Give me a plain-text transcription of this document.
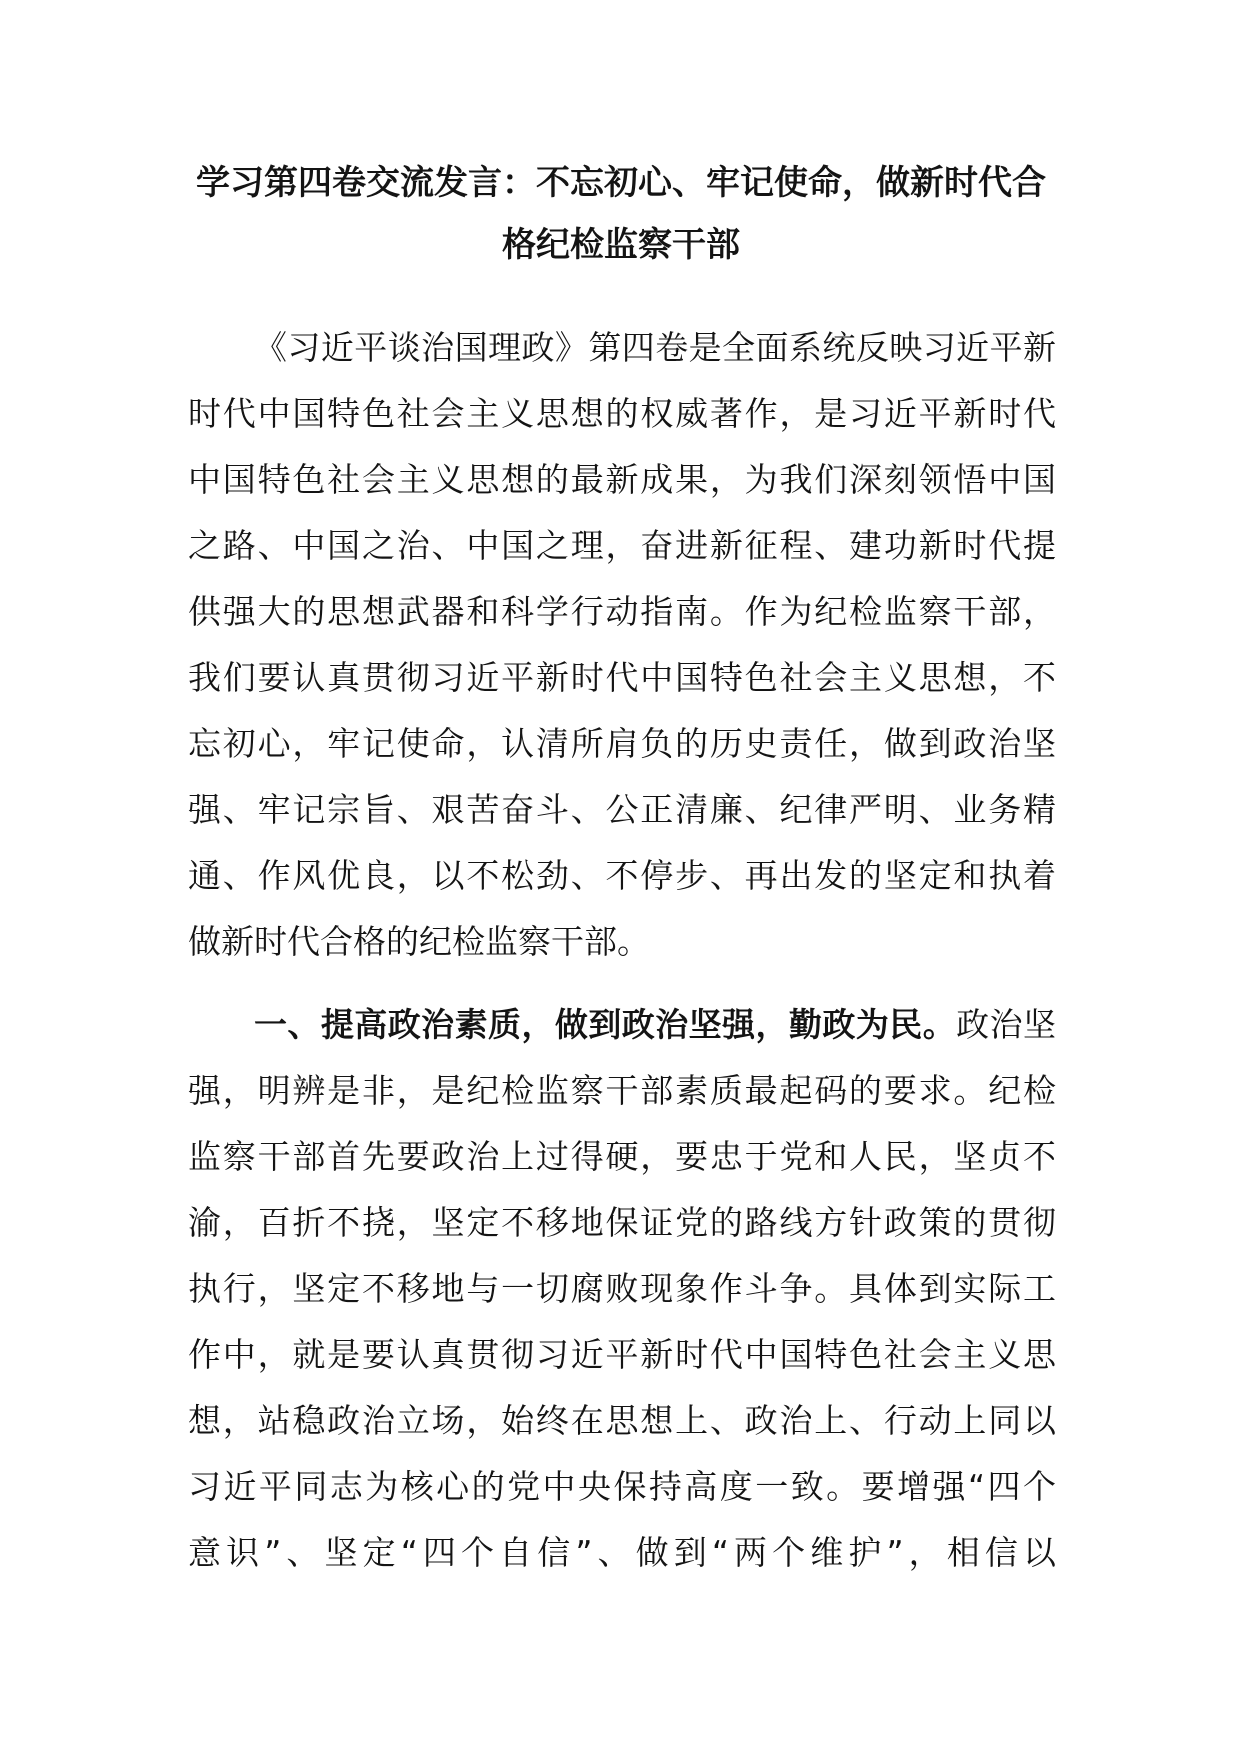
学习第四卷交流发言：不忘初心、牢记使命，做新时代合
格纪检监察干部
《习近平谈治国理政》第四卷是全面系统反映习近平新
时代中国特色社会主义思想的权威著作，是习近平新时代
中国特色社会主义思想的最新成果，为我们深刻领悟中国
之路、中国之治、中国之理，奋进新征程、建功新时代提
供强大的思想武器和科学行动指南。作为纪检监察干部，
我们要认真贯彻习近平新时代中国特色社会主义思想，不
忘初心，牢记使命，认清所肩负的历史责任，做到政治坚
强、牢记宗旨、艰苦奋斗、公正清廉、纪律严明、业务精
通、作风优良，以不松劲、不停步、再出发的坚定和执着
做新时代合格的纪检监察干部。
一、提高政治素质，做到政治坚强，勤政为民。政治坚
强，明辨是非，是纪检监察干部素质最起码的要求。纪检
监察干部首先要政治上过得硬，要忠于党和人民，坚贞不
渝，百折不挠，坚定不移地保证党的路线方针政策的贯彻
执行，坚定不移地与一切腐败现象作斗争。具体到实际工
作中，就是要认真贯彻习近平新时代中国特色社会主义思
想，站稳政治立场，始终在思想上、政治上、行动上同以
习近平同志为核心的党中央保持高度一致。要增强“四个
意识”、坚定“四个自信”、做到“两个维护”，相信以
